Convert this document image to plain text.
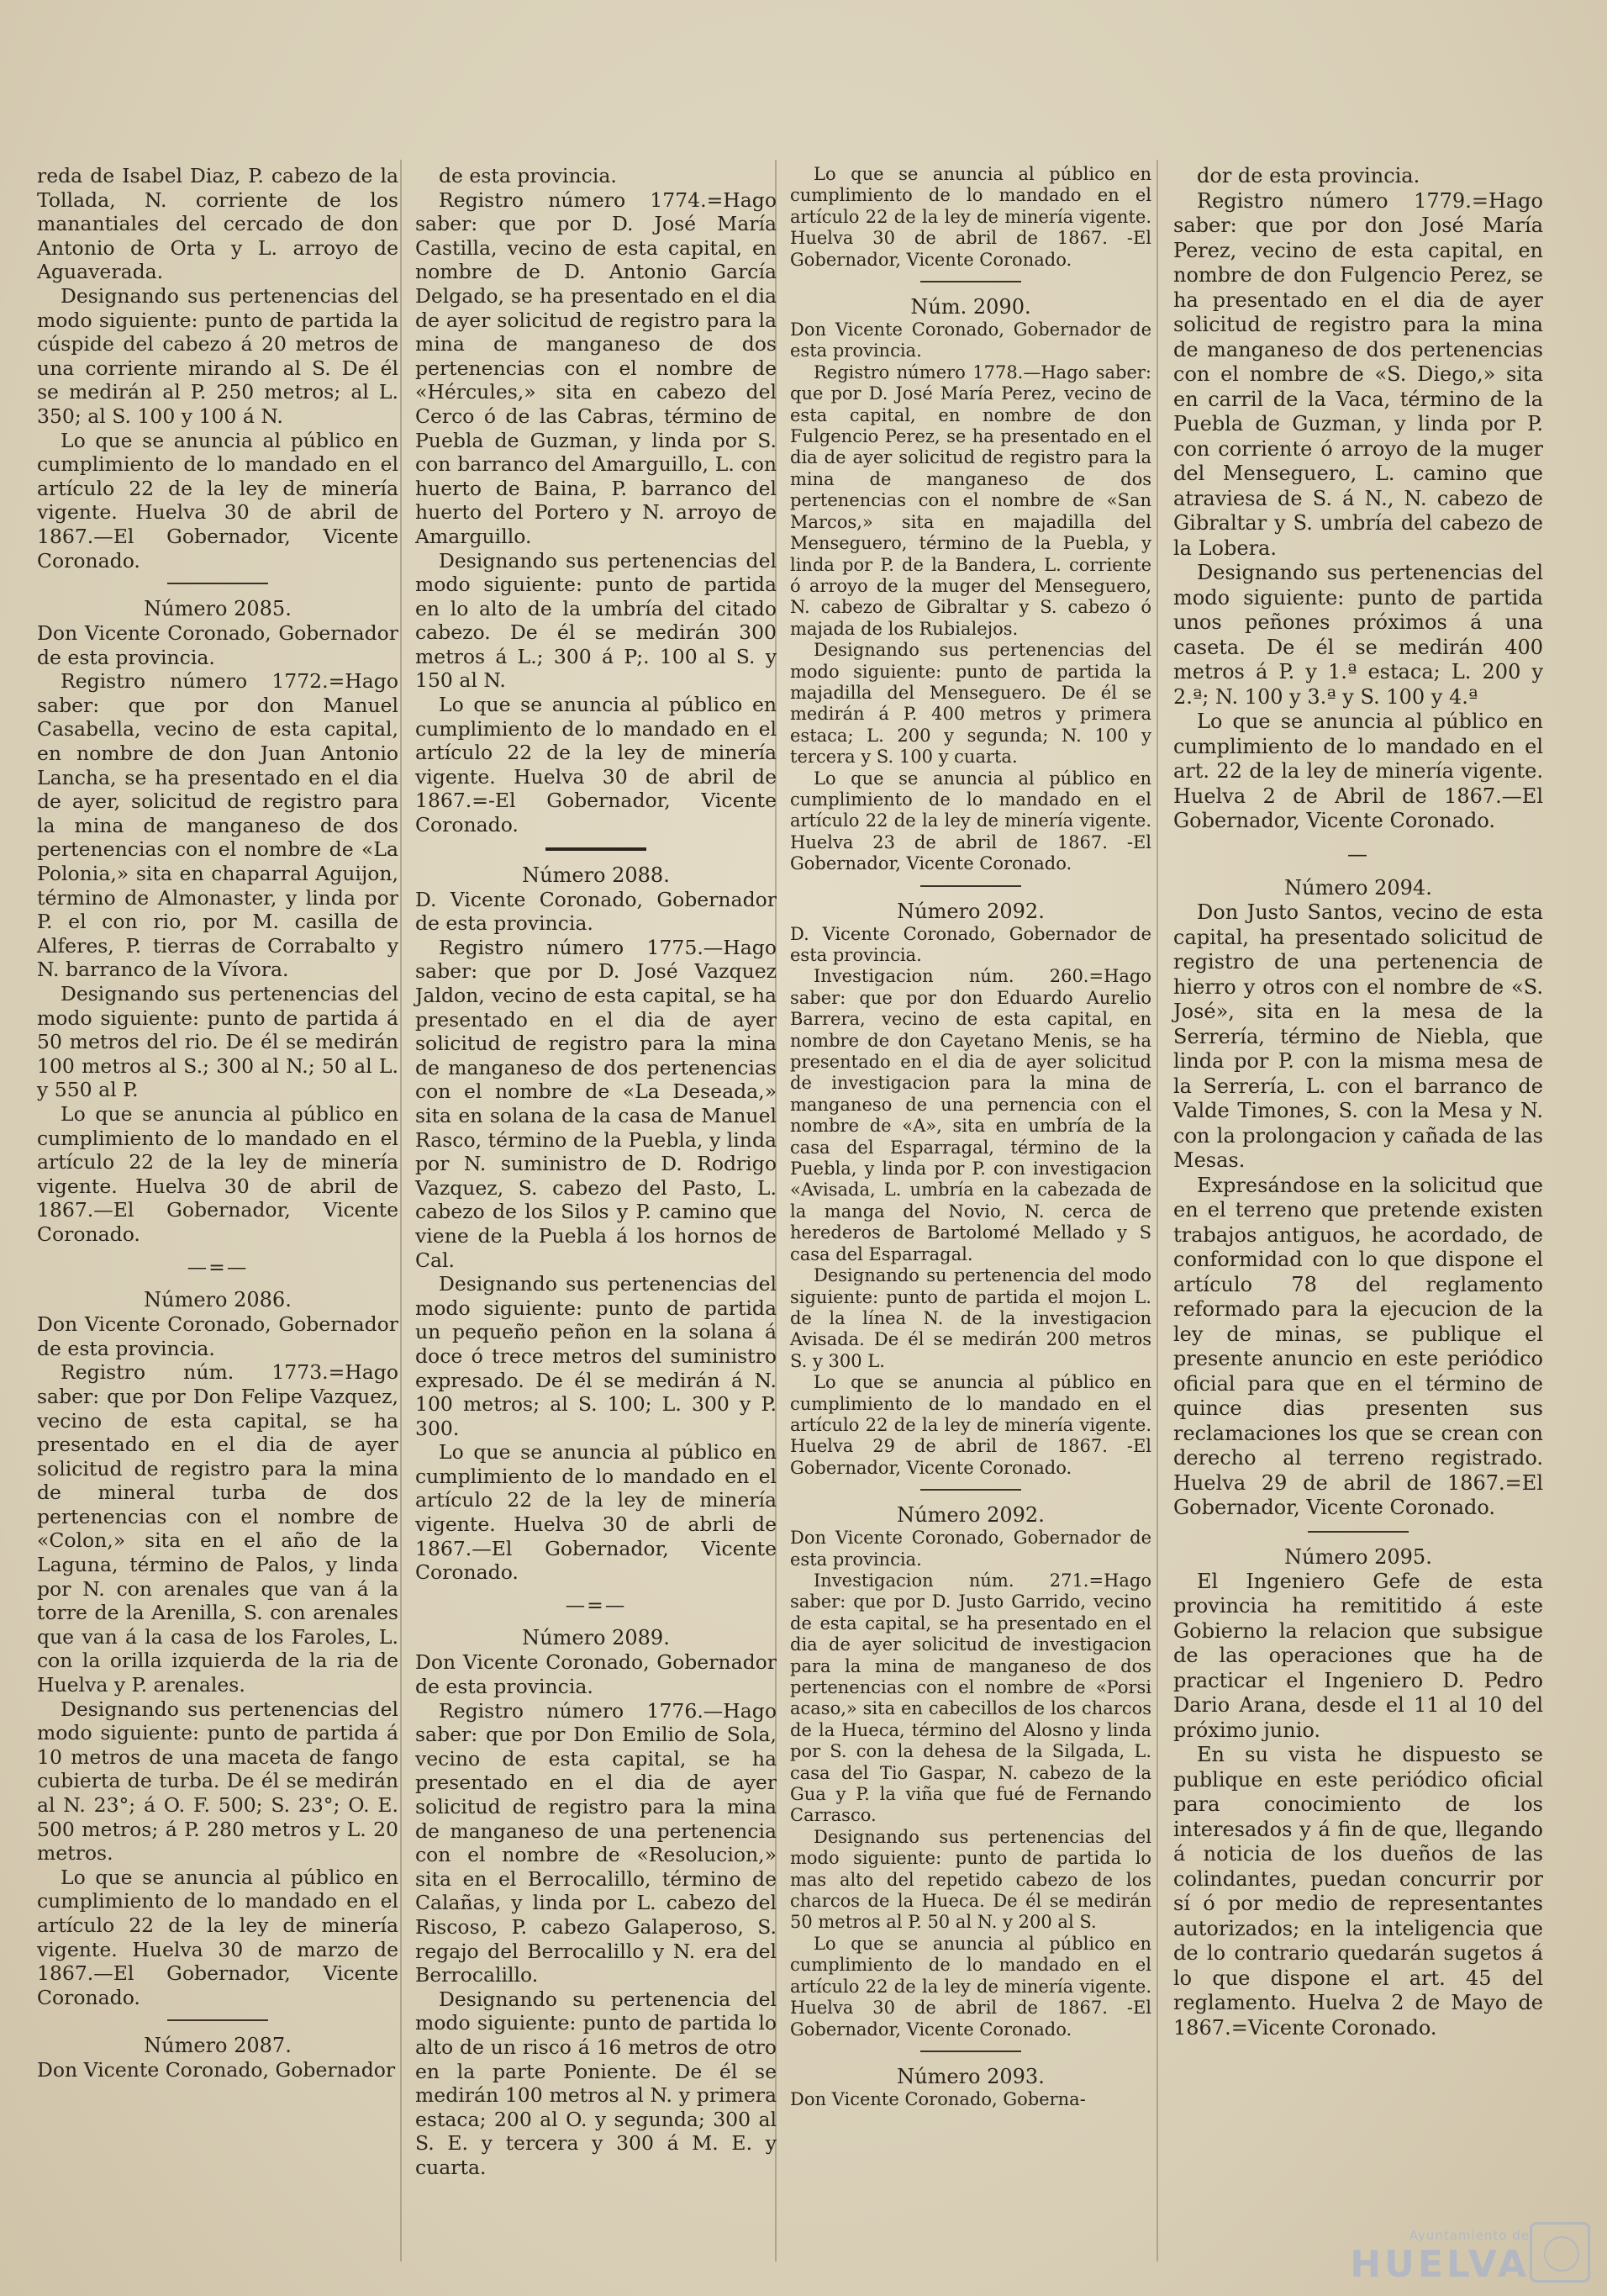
reda de Isabel Diaz, P. cabezo de la Tollada, N. corriente de los manantiales del cercado de don Antonio de Orta y L. arroyo de Aguaverada.

Designando sus pertenencias del modo siguiente: punto de partida la cúspide del cabezo á 20 metros de una corriente mirando al S. De él se medirán al P. 250 metros; al L. 350; al S. 100 y 100 á N.

Lo que se anuncia al público en cumplimiento de lo mandado en el artículo 22 de la ley de minería vigente. Huelva 30 de abril de 1867.—El Gobernador, Vicente Coronado.

Número 2085.

Don Vicente Coronado, Gobernador de esta provincia.

Registro número 1772.=Hago saber: que por don Manuel Casabella, vecino de esta capital, en nombre de don Juan Antonio Lancha, se ha presentado en el dia de ayer, solicitud de registro para la mina de manganeso de dos pertenencias con el nombre de «La Polonia,» sita en chaparral Aguijon, término de Almonaster, y linda por P. el con rio, por M. casilla de Alferes, P. tierras de Corrabalto y N. barranco de la Vívora.

Designando sus pertenencias del modo siguiente: punto de partida á 50 metros del rio. De él se medirán 100 metros al S.; 300 al N.; 50 al L. y 550 al P.

Lo que se anuncia al público en cumplimiento de lo mandado en el artículo 22 de la ley de minería vigente. Huelva 30 de abril de 1867.—El Gobernador, Vicente Coronado.

—=—
Número 2086.

Don Vicente Coronado, Gobernador de esta provincia.

Registro núm. 1773.=Hago saber: que por Don Felipe Vazquez, vecino de esta capital, se ha presentado en el dia de ayer solicitud de registro para la mina de mineral turba de dos pertenencias con el nombre de «Colon,» sita en el año de la Laguna, término de Palos, y linda por N. con arenales que van á la torre de la Arenilla, S. con arenales que van á la casa de los Faroles, L. con la orilla izquierda de la ria de Huelva y P. arenales.

Designando sus pertenencias del modo siguiente: punto de partida á 10 metros de una maceta de fango cubierta de turba. De él se medirán al N. 23°; á O. F. 500; S. 23°; O. E. 500 metros; á P. 280 metros y L. 20 metros.

Lo que se anuncia al público en cumplimiento de lo mandado en el artículo 22 de la ley de minería vigente. Huelva 30 de marzo de 1867.—El Gobernador, Vicente Coronado.

Número 2087.

Don Vicente Coronado, Gobernador

de esta provincia.

Registro número 1774.=Hago saber: que por D. José María Castilla, vecino de esta capital, en nombre de D. Antonio García Delgado, se ha presentado en el dia de ayer solicitud de registro para la mina de manganeso de dos pertenencias con el nombre de «Hércules,» sita en cabezo del Cerco ó de las Cabras, término de Puebla de Guzman, y linda por S. con barranco del Amarguillo, L. con huerto de Baina, P. barranco del huerto del Portero y N. arroyo de Amarguillo.

Designando sus pertenencias del modo siguiente: punto de partida en lo alto de la umbría del citado cabezo. De él se medirán 300 metros á L.; 300 á P;. 100 al S. y 150 al N.

Lo que se anuncia al público en cumplimiento de lo mandado en el artículo 22 de la ley de minería vigente. Huelva 30 de abril de 1867.=-El Gobernador, Vicente Coronado.

Número 2088.

D. Vicente Coronado, Gobernador de esta provincia.

Registro número 1775.—Hago saber: que por D. José Vazquez Jaldon, vecino de esta capital, se ha presentado en el dia de ayer solicitud de registro para la mina de manganeso de dos pertenencias con el nombre de «La Deseada,» sita en solana de la casa de Manuel Rasco, término de la Puebla, y linda por N. suministro de D. Rodrigo Vazquez, S. cabezo del Pasto, L. cabezo de los Silos y P. camino que viene de la Puebla á los hornos de Cal.

Designando sus pertenencias del modo siguiente: punto de partida un pequeño peñon en la solana á doce ó trece metros del suministro expresado. De él se medirán á N. 100 metros; al S. 100; L. 300 y P. 300.

Lo que se anuncia al público en cumplimiento de lo mandado en el artículo 22 de la ley de minería vigente. Huelva 30 de abrli de 1867.—El Gobernador, Vicente Coronado.

—=—
Número 2089.

Don Vicente Coronado, Gobernador de esta provincia.

Registro número 1776.—Hago saber: que por Don Emilio de Sola, vecino de esta capital, se ha presentado en el dia de ayer solicitud de registro para la mina de manganeso de una pertenencia con el nombre de «Resolucion,» sita en el Berrocalillo, término de Calañas, y linda por L. cabezo del Riscoso, P. cabezo Galaperoso, S. regajo del Berrocalillo y N. era del Berrocalillo.

Designando su pertenencia del modo siguiente: punto de partida lo alto de un risco á 16 metros de otro en la parte Poniente. De él se medirán 100 metros al N. y primera estaca; 200 al O. y segunda; 300 al S. E. y tercera y 300 á M. E. y cuarta.

Lo que se anuncia al público en cumplimiento de lo mandado en el artículo 22 de la ley de minería vigente. Huelva 30 de abril de 1867. -El Gobernador, Vicente Coronado.

Núm. 2090.

Don Vicente Coronado, Gobernador de esta provincia.

Registro número 1778.—Hago saber: que por D. José María Perez, vecino de esta capital, en nombre de don Fulgencio Perez, se ha presentado en el dia de ayer solicitud de registro para la mina de manganeso de dos pertenencias con el nombre de «San Marcos,» sita en majadilla del Menseguero, término de la Puebla, y linda por P. de la Bandera, L. corriente ó arroyo de la muger del Menseguero, N. cabezo de Gibraltar y S. cabezo ó majada de los Rubialejos.

Designando sus pertenencias del modo siguiente: punto de partida la majadilla del Menseguero. De él se medirán á P. 400 metros y primera estaca; L. 200 y segunda; N. 100 y tercera y S. 100 y cuarta.

Lo que se anuncia al público en cumplimiento de lo mandado en el artículo 22 de la ley de minería vigente. Huelva 23 de abril de 1867. -El Gobernador, Vicente Coronado.

Número 2092.

D. Vicente Coronado, Gobernador de esta provincia.

Investigacion núm. 260.=Hago saber: que por don Eduardo Aurelio Barrera, vecino de esta capital, en nombre de don Cayetano Menis, se ha presentado en el dia de ayer solicitud de investigacion para la mina de manganeso de una pernencia con el nombre de «A», sita en umbría de la casa del Esparragal, término de la Puebla, y linda por P. con investigacion «Avisada, L. umbría en la cabezada de la manga del Novio, N. cerca de herederos de Bartolomé Mellado y S casa del Esparragal.

Designando su pertenencia del modo siguiente: punto de partida el mojon L. de la línea N. de la investigacion Avisada. De él se medirán 200 metros S. y 300 L.

Lo que se anuncia al público en cumplimiento de lo mandado en el artículo 22 de la ley de minería vigente. Huelva 29 de abril de 1867. -El Gobernador, Vicente Coronado.

Número 2092.

Don Vicente Coronado, Gobernador de esta provincia.

Investigacion núm. 271.=Hago saber: que por D. Justo Garrido, vecino de esta capital, se ha presentado en el dia de ayer solicitud de investigacion para la mina de manganeso de dos pertenencias con el nombre de «Porsi acaso,» sita en cabecillos de los charcos de la Hueca, término del Alosno y linda por S. con la dehesa de la Silgada, L. casa del Tio Gaspar, N. cabezo de la Gua y P. la viña que fué de Fernando Carrasco.

Designando sus pertenencias del modo siguiente: punto de partida lo mas alto del repetido cabezo de los charcos de la Hueca. De él se medirán 50 metros al P. 50 al N. y 200 al S.

Lo que se anuncia al público en cumplimiento de lo mandado en el artículo 22 de la ley de minería vigente. Huelva 30 de abril de 1867. -El Gobernador, Vicente Coronado.

Número 2093.

Don Vicente Coronado, Goberna-

dor de esta provincia.

Registro número 1779.=Hago saber: que por don José María Perez, vecino de esta capital, en nombre de don Fulgencio Perez, se ha presentado en el dia de ayer solicitud de registro para la mina de manganeso de dos pertenencias con el nombre de «S. Diego,» sita en carril de la Vaca, término de la Puebla de Guzman, y linda por P. con corriente ó arroyo de la muger del Menseguero, L. camino que atraviesa de S. á N., N. cabezo de Gibraltar y S. umbría del cabezo de la Lobera.

Designando sus pertenencias del modo siguiente: punto de partida unos peñones próximos á una caseta. De él se medirán 400 metros á P. y 1.ª estaca; L. 200 y 2.ª; N. 100 y 3.ª y S. 100 y 4.ª

Lo que se anuncia al público en cumplimiento de lo mandado en el art. 22 de la ley de minería vigente. Huelva 2 de Abril de 1867.—El Gobernador, Vicente Coronado.

—
Número 2094.

Don Justo Santos, vecino de esta capital, ha presentado solicitud de registro de una pertenencia de hierro y otros con el nombre de «S. José», sita en la mesa de la Serrería, término de Niebla, que linda por P. con la misma mesa de la Serrería, L. con el barranco de Valde Timones, S. con la Mesa y N. con la prolongacion y cañada de las Mesas.

Expresándose en la solicitud que en el terreno que pretende existen trabajos antiguos, he acordado, de conformidad con lo que dispone el artículo 78 del reglamento reformado para la ejecucion de la ley de minas, se publique el presente anuncio en este periódico oficial para que en el término de quince dias presenten sus reclamaciones los que se crean con derecho al terreno registrado. Huelva 29 de abril de 1867.=El Gobernador, Vicente Coronado.

Número 2095.

El Ingeniero Gefe de esta provincia ha remititido á este Gobierno la relacion que subsigue de las operaciones que ha de practicar el Ingeniero D. Pedro Dario Arana, desde el 11 al 10 del próximo junio.

En su vista he dispuesto se publique en este periódico oficial para conocimiento de los interesados y á fin de que, llegando á noticia de los dueños de las colindantes, puedan concurrir por sí ó por medio de representantes autorizados; en la inteligencia que de lo contrario quedarán sugetos á lo que dispone el art. 45 del reglamento. Huelva 2 de Mayo de 1867.=Vicente Coronado.

Ayuntamiento de
HUELVA
